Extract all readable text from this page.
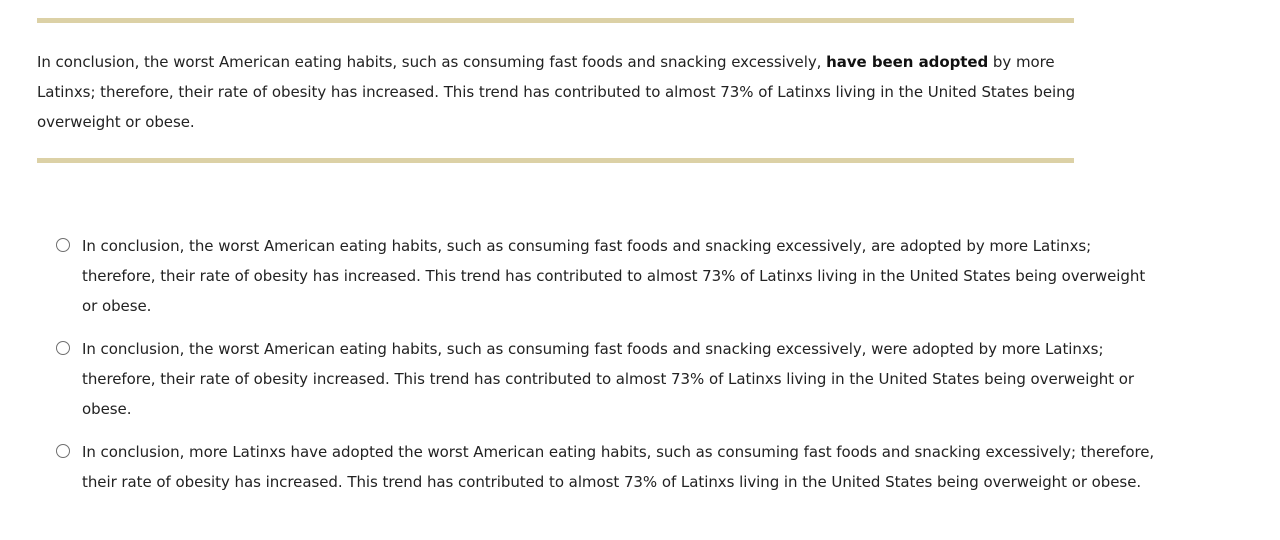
In conclusion, the worst American eating habits, such as consuming fast foods and snacking excessively, have been adopted by more Latinxs; therefore, their rate of obesity has increased. This trend has contributed to almost 73% of Latinxs living in the United States being overweight or obese.
In conclusion, the worst American eating habits, such as consuming fast foods and snacking excessively, are adopted by more Latinxs; therefore, their rate of obesity has increased. This trend has contributed to almost 73% of Latinxs living in the United States being overweight or obese.
In conclusion, the worst American eating habits, such as consuming fast foods and snacking excessively, were adopted by more Latinxs; therefore, their rate of obesity increased. This trend has contributed to almost 73% of Latinxs living in the United States being overweight or obese.
In conclusion, more Latinxs have adopted the worst American eating habits, such as consuming fast foods and snacking excessively; therefore, their rate of obesity has increased. This trend has contributed to almost 73% of Latinxs living in the United States being overweight or obese.
